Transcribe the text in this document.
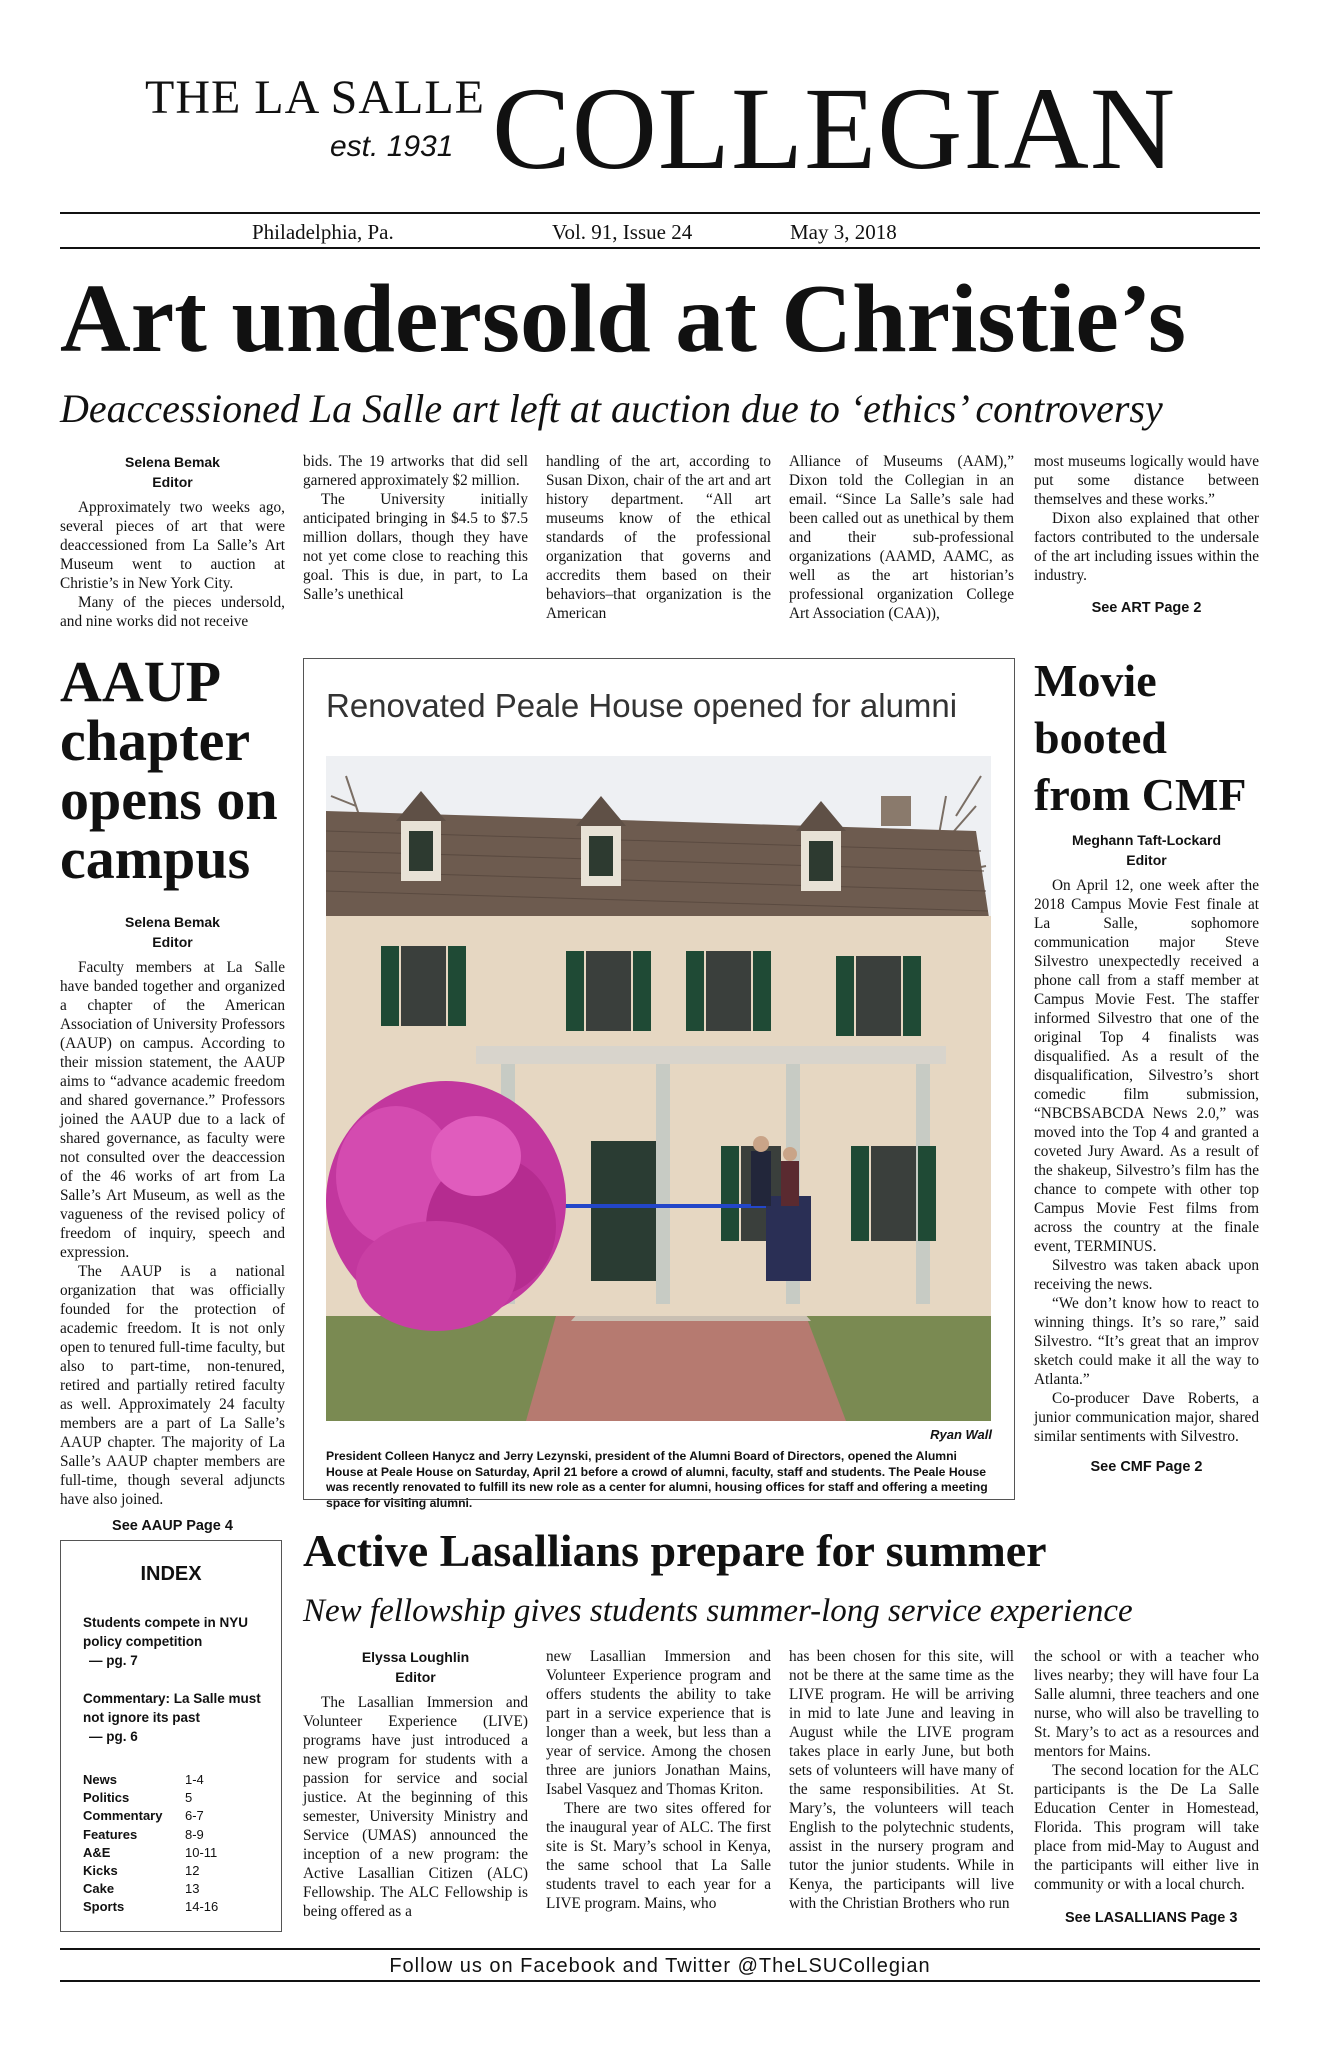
THE LA SALLE
est. 1931 COLLEGIAN
Philadelphia, Pa.	Vol. 91, Issue 24	May 3, 2018
Art undersold at Christie’s
Deaccessioned La Salle art left at auction due to ‘ethics’ controversy
Selena Bemak
Editor

Approximately two weeks ago, several pieces of art that were deaccessioned from La Salle’s Art Museum went to auction at Christie’s in New York City.

Many of the pieces undersold, and nine works did not receive

bids. The 19 artworks that did sell garnered approximately $2 million.

The University initially anticipated bringing in $4.5 to $7.5 million dollars, though they have not yet come close to reaching this goal. This is due, in part, to La Salle’s unethical

handling of the art, according to Susan Dixon, chair of the art and art history department. “All art museums know of the ethical standards of the professional organization that governs and accredits them based on their behaviors–that organization is the American

Alliance of Museums (AAM),” Dixon told the Collegian in an email. “Since La Salle’s sale had been called out as unethical by them and their sub-professional organizations (AAMD, AAMC, as well as the art historian’s professional organization College Art Association (CAA)),

most museums logically would have put some distance between themselves and these works.”

Dixon also explained that other factors contributed to the undersale of the art including issues within the industry.

See ART Page 2
AAUP
chapter
opens on
campus
Selena Bemak
Editor

Faculty members at La Salle have banded together and organized a chapter of the American Association of University Professors (AAUP) on campus. According to their mission statement, the AAUP aims to “advance academic freedom and shared governance.” Professors joined the AAUP due to a lack of shared governance, as faculty were not consulted over the deaccession of the 46 works of art from La Salle’s Art Museum, as well as the vagueness of the revised policy of freedom of inquiry, speech and expression.

The AAUP is a national organization that was officially founded for the protection of academic freedom. It is not only open to tenured full-time faculty, but also to part-time, non-tenured, retired and partially retired faculty as well. Approximately 24 faculty members are a part of La Salle’s AAUP chapter. The majority of La Salle’s AAUP chapter members are full-time, though several adjuncts have also joined.

See AAUP Page 4
Renovated Peale House opened for alumni
Ryan Wall
President Colleen Hanycz and Jerry Lezynski, president of the Alumni Board of Directors, opened the Alumni House at Peale House on Saturday, April 21 before a crowd of alumni, faculty, staff and students. The Peale House was recently renovated to fulfill its new role as a center for alumni, housing offices for staff and offering a meeting space for visiting alumni.
Movie
booted
from CMF
Meghann Taft-Lockard
Editor

On April 12, one week after the 2018 Campus Movie Fest finale at La Salle, sophomore communication major Steve Silvestro unexpectedly received a phone call from a staff member at Campus Movie Fest. The staffer informed Silvestro that one of the original Top 4 finalists was disqualified. As a result of the disqualification, Silvestro’s short comedic film submission, “NBCBSABCDA News 2.0,” was moved into the Top 4 and granted a coveted Jury Award. As a result of the shakeup, Silvestro’s film has the chance to compete with other top Campus Movie Fest films from across the country at the finale event, TERMINUS.

Silvestro was taken aback upon receiving the news.

“We don’t know how to react to winning things. It’s so rare,” said Silvestro. “It’s great that an improv sketch could make it all the way to Atlanta.”

Co-producer Dave Roberts, a junior communication major, shared similar sentiments with Silvestro.

See CMF Page 2
INDEX
Students compete in NYU policy competition
— pg. 7
Commentary: La Salle must not ignore its past
— pg. 6
News	1-4
Politics	5
Commentary	6-7
Features	8-9
A&E	10-11
Kicks	12
Cake	13
Sports	14-16
Active Lasallians prepare for summer
New fellowship gives students summer-long service experience
Elyssa Loughlin
Editor

The Lasallian Immersion and Volunteer Experience (LIVE) programs have just introduced a new program for students with a passion for service and social justice. At the beginning of this semester, University Ministry and Service (UMAS) announced the inception of a new program: the Active Lasallian Citizen (ALC) Fellowship. The ALC Fellowship is being offered as a

new Lasallian Immersion and Volunteer Experience program and offers students the ability to take part in a service experience that is longer than a week, but less than a year of service. Among the chosen three are juniors Jonathan Mains, Isabel Vasquez and Thomas Kriton.

There are two sites offered for the inaugural year of ALC. The first site is St. Mary’s school in Kenya, the same school that La Salle students travel to each year for a LIVE program. Mains, who

has been chosen for this site, will not be there at the same time as the LIVE program. He will be arriving in mid to late June and leaving in August while the LIVE program takes place in early June, but both sets of volunteers will have many of the same responsibilities. At St. Mary’s, the volunteers will teach English to the polytechnic students, assist in the nursery program and tutor the junior students. While in Kenya, the participants will live with the Christian Brothers who run

the school or with a teacher who lives nearby; they will have four La Salle alumni, three teachers and one nurse, who will also be travelling to St. Mary’s to act as a resources and mentors for Mains.

The second location for the ALC participants is the De La Salle Education Center in Homestead, Florida. This program will take place from mid-May to August and the participants will either live in community or with a local church.

See LASALLIANS Page 3
Follow us on Facebook and Twitter @TheLSUCollegian
